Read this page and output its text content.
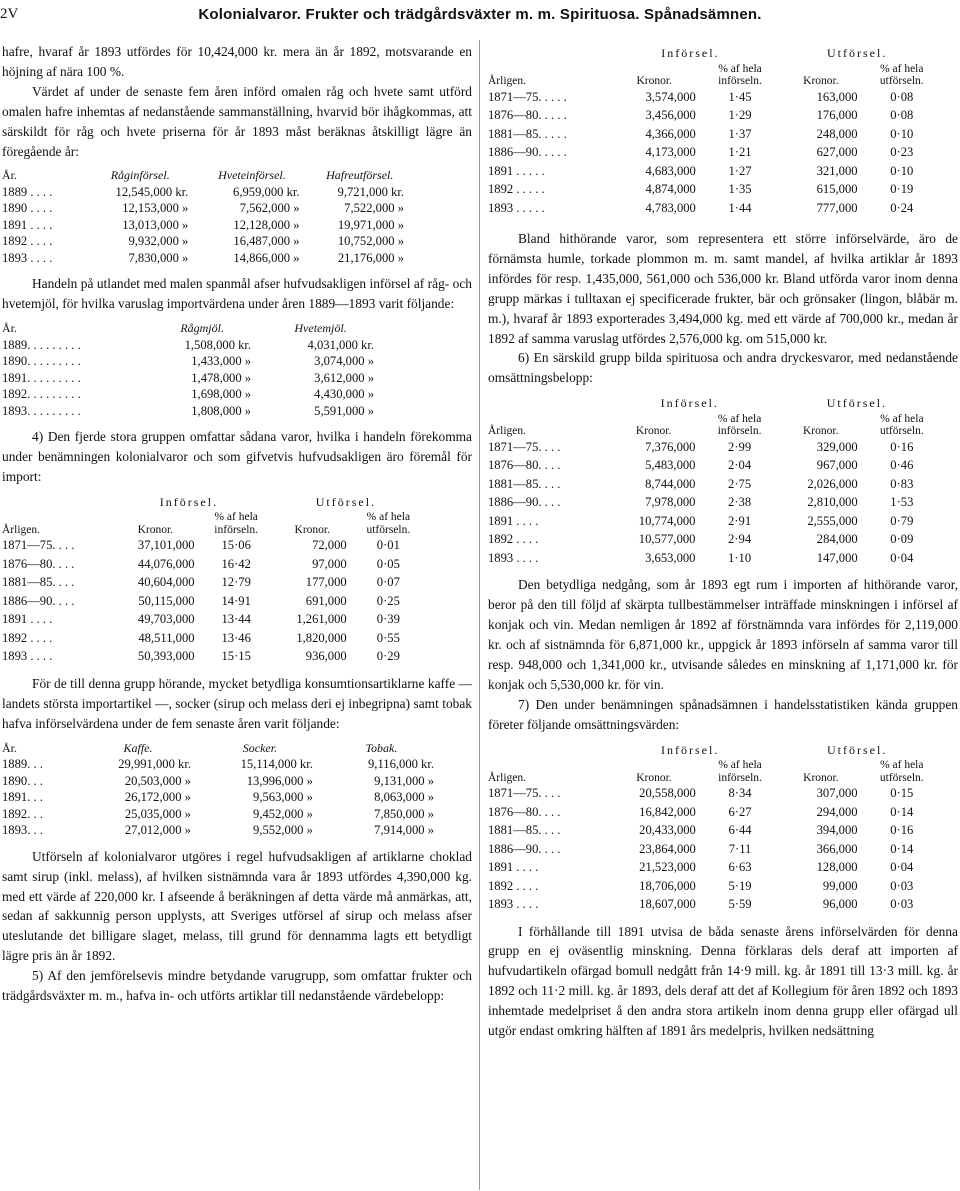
2V	Kolonialvaror. Frukter och trädgårdsväxter m. m. Spirituosa. Spånadsämnen.

hafre, hvaraf år 1893 utfördes för 10,424,000 kr. mera än år 1892, motsvarande en höjning af nära 100 %.

Värdet af under de senaste fem åren införd omalen råg och hvete samt utförd omalen hafre inhemtas af nedanstående sammanställning, hvarvid bör ihågkommas, att särskildt för råg och hvete priserna för år 1893 måst beräknas åtskilligt lägre än föregående år:

År.	Råginförsel.	Hveteinförsel.	Hafreutförsel.
1889 . . . .	12,545,000 kr.	6,959,000 kr.	9,721,000 kr.
1890 . . . .	12,153,000 »	7,562,000 »	7,522,000 »
1891 . . . .	13,013,000 »	12,128,000 »	19,971,000 »
1892 . . . .	9,932,000 »	16,487,000 »	10,752,000 »
1893 . . . .	7,830,000 »	14,866,000 »	21,176,000 »

Handeln på utlandet med malen spanmål afser hufvudsakligen införsel af råg- och hvetemjöl, för hvilka varuslag importvärdena under åren 1889—1893 varit följande:

År.	Rågmjöl.	Hvetemjöl.
1889. . . . . . . . .	1,508,000 kr.	4,031,000 kr.
1890. . . . . . . . .	1,433,000 »	3,074,000 »
1891. . . . . . . . .	1,478,000 »	3,612,000 »
1892. . . . . . . . .	1,698,000 »	4,430,000 »
1893. . . . . . . . .	1,808,000 »	5,591,000 »

4) Den fjerde stora gruppen omfattar sådana varor, hvilka i handeln förekomma under benämningen kolonialvaror och som gifvetvis hufvudsakligen äro föremål för import:

	Införsel.		Utförsel.	
Årligen.	Kronor.	% af hela
införseln.	Kronor.	% af hela
utförseln.
1871—75. . . .	37,101,000	15·06	72,000	0·01
1876—80. . . .	44,076,000	16·42	97,000	0·05
1881—85. . . .	40,604,000	12·79	177,000	0·07
1886—90. . . .	50,115,000	14·91	691,000	0·25
1891 . . . .	49,703,000	13·44	1,261,000	0·39
1892 . . . .	48,511,000	13·46	1,820,000	0·55
1893 . . . .	50,393,000	15·15	936,000	0·29

För de till denna grupp hörande, mycket betydliga konsumtionsartiklarne kaffe — landets största importartikel —, socker (sirup och melass deri ej inbegripna) samt tobak hafva införselvärdena under de fem senaste åren varit följande:

År.	Kaffe.	Socker.	Tobak.
1889. . .	29,991,000 kr.	15,114,000 kr.	9,116,000 kr.
1890. . .	20,503,000 »	13,996,000 »	9,131,000 »
1891. . .	26,172,000 »	9,563,000 »	8,063,000 »
1892. . .	25,035,000 »	9,452,000 »	7,850,000 »
1893. . .	27,012,000 »	9,552,000 »	7,914,000 »

Utförseln af kolonialvaror utgöres i regel hufvudsakligen af artiklarne choklad samt sirup (inkl. melass), af hvilken sistnämnda vara år 1893 utfördes 4,390,000 kg. med ett värde af 220,000 kr. I afseende å beräkningen af detta värde må anmärkas, att, sedan af sakkunnig person upplysts, att Sveriges utförsel af sirup och melass afser uteslutande det billigare slaget, melass, till grund för dennamma lagts ett betydligt lägre pris än år 1892.

5) Af den jemförelsevis mindre betydande varugrupp, som omfattar frukter och trädgårdsväxter m. m., hafva in- och utförts artiklar till nedanstående värdebelopp:

	Införsel.		Utförsel.	
Årligen.	Kronor.	% af hela
införseln.	Kronor.	% af hela
utförseln.
1871—75. . . . .	3,574,000	1·45	163,000	0·08
1876—80. . . . .	3,456,000	1·29	176,000	0·08
1881—85. . . . .	4,366,000	1·37	248,000	0·10
1886—90. . . . .	4,173,000	1·21	627,000	0·23
1891 . . . . .	4,683,000	1·27	321,000	0·10
1892 . . . . .	4,874,000	1·35	615,000	0·19
1893 . . . . .	4,783,000	1·44	777,000	0·24

Bland hithörande varor, som representera ett större införselvärde, äro de förnämsta humle, torkade plommon m. m. samt mandel, af hvilka artiklar år 1893 infördes för resp. 1,435,000, 561,000 och 536,000 kr. Bland utförda varor inom denna grupp märkas i tulltaxan ej specificerade frukter, bär och grönsaker (lingon, blåbär m. m.), hvaraf år 1893 exporterades 3,494,000 kg. med ett värde af 700,000 kr., medan år 1892 af samma varuslag utfördes 2,576,000 kg. om 515,000 kr.

6) En särskild grupp bilda spirituosa och andra dryckesvaror, med nedanstående omsättningsbelopp:

	Införsel.		Utförsel.	
Årligen.	Kronor.	% af hela
införseln.	Kronor.	% af hela
utförseln.
1871—75. . . .	7,376,000	2·99	329,000	0·16
1876—80. . . .	5,483,000	2·04	967,000	0·46
1881—85. . . .	8,744,000	2·75	2,026,000	0·83
1886—90. . . .	7,978,000	2·38	2,810,000	1·53
1891 . . . .	10,774,000	2·91	2,555,000	0·79
1892 . . . .	10,577,000	2·94	284,000	0·09
1893 . . . .	3,653,000	1·10	147,000	0·04

Den betydliga nedgång, som år 1893 egt rum i importen af hithörande varor, beror på den till följd af skärpta tullbestämmelser inträffade minskningen i införsel af konjak och vin. Medan nemligen år 1892 af förstnämnda vara infördes för 2,119,000 kr. och af sistnämnda för 6,871,000 kr., uppgick år 1893 införseln af samma varor till resp. 948,000 och 1,341,000 kr., utvisande således en minskning af 1,171,000 kr. för konjak och 5,530,000 kr. för vin.

7) Den under benämningen spånadsämnen i handelsstatistiken kända gruppen företer följande omsättningsvärden:

	Införsel.		Utförsel.	
Årligen.	Kronor.	% af hela
införseln.	Kronor.	% af hela
utförseln.
1871—75. . . .	20,558,000	8·34	307,000	0·15
1876—80. . . .	16,842,000	6·27	294,000	0·14
1881—85. . . .	20,433,000	6·44	394,000	0·16
1886—90. . . .	23,864,000	7·11	366,000	0·14
1891 . . . .	21,523,000	6·63	128,000	0·04
1892 . . . .	18,706,000	5·19	99,000	0·03
1893 . . . .	18,607,000	5·59	96,000	0·03

I förhållande till 1891 utvisa de båda senaste årens införselvärden för denna grupp en ej oväsentlig minskning. Denna förklaras dels deraf att importen af hufvudartikeln ofärgad bomull nedgått från 14·9 mill. kg. år 1891 till 13·3 mill. kg. år 1892 och 11·2 mill. kg. år 1893, dels deraf att det af Kollegium för åren 1892 och 1893 inhemtade medelpriset å den andra stora artikeln inom denna grupp eller ofärgad ull utgör endast omkring hälften af 1891 års medelpris, hvilken nedsättning
